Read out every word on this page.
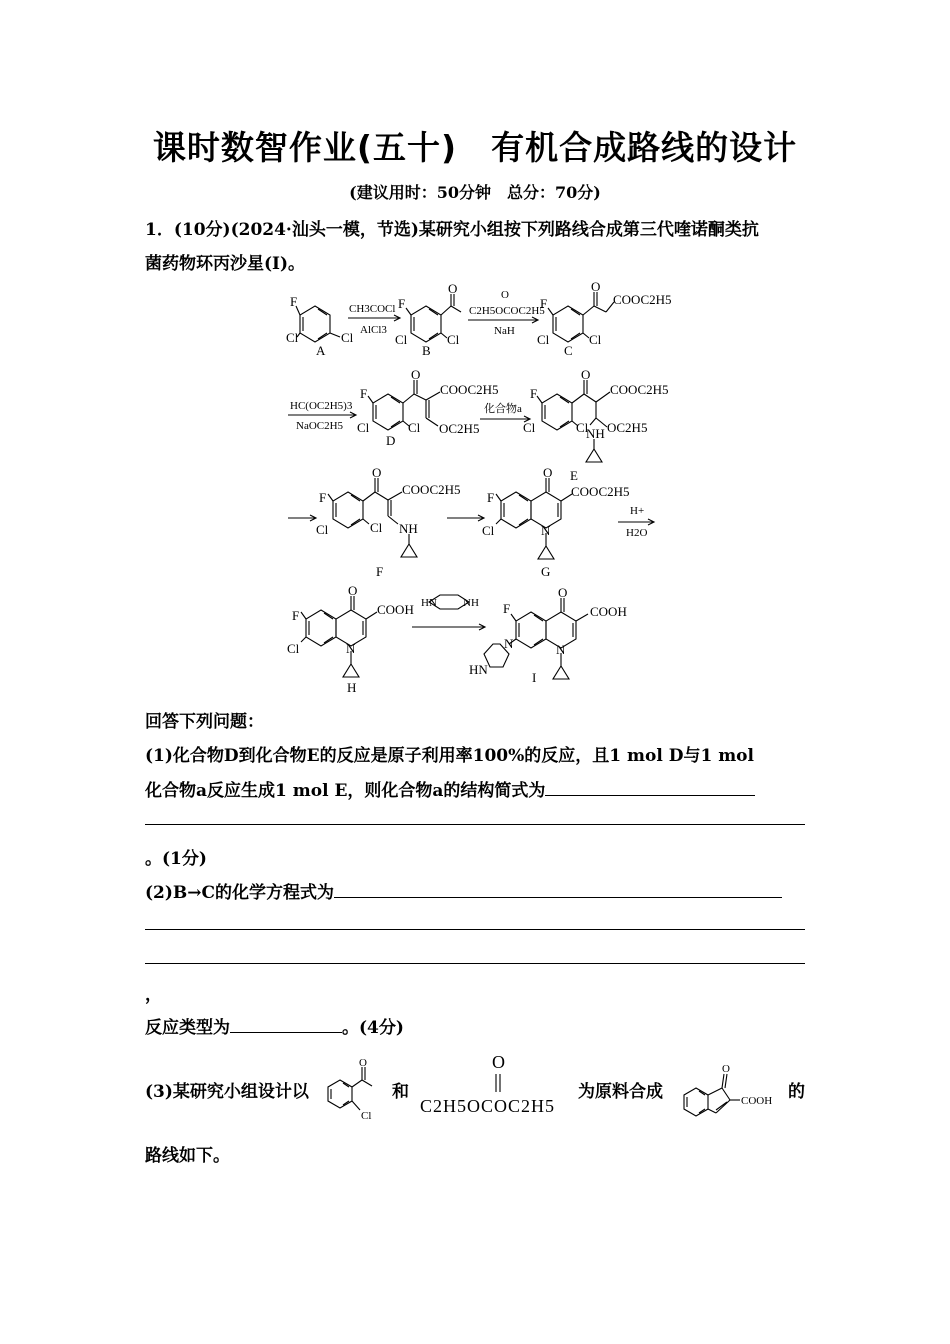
课时数智作业(五十)　有机合成路线的设计
(建议用时：50分钟　总分：70分)
1．(10分)(2024·汕头一模，节选)某研究小组按下列路线合成第三代喹诺酮类抗
菌药物环丙沙星(I)。
F
Cl	Cl
A
CH3COCl
AlCl3
O
F
Cl	Cl
B
O
C2H5OCOC2H5
NaH
O
COOC2H5
F
Cl	Cl
C
HC(OC2H5)3
NaOC2H5
O
COOC2H5
OC2H5
F
Cl	Cl
D
化合物a
O
COOC2H5
OC2H5
NH
F
Cl	Cl
E
O
COOC2H5
NH
F
Cl	Cl
F
O
COOC2H5
N
F
Cl
G
H+
H2O
O
COOH
N
F
Cl
H
HN NH
O
COOH
N
N
F
HN
I
回答下列问题：
(1)化合物D到化合物E的反应是原子利用率100%的反应，且1 mol D与1 mol
化合物a反应生成1 mol E，则化合物a的结构简式为
。(1分)
(2)B→C的化学方程式为
，
反应类型为	。(4分)
(3)某研究小组设计以
O
Cl
和
O
C2H5OCOC2H5
为原料合成
O
COOH 的
路线如下。
